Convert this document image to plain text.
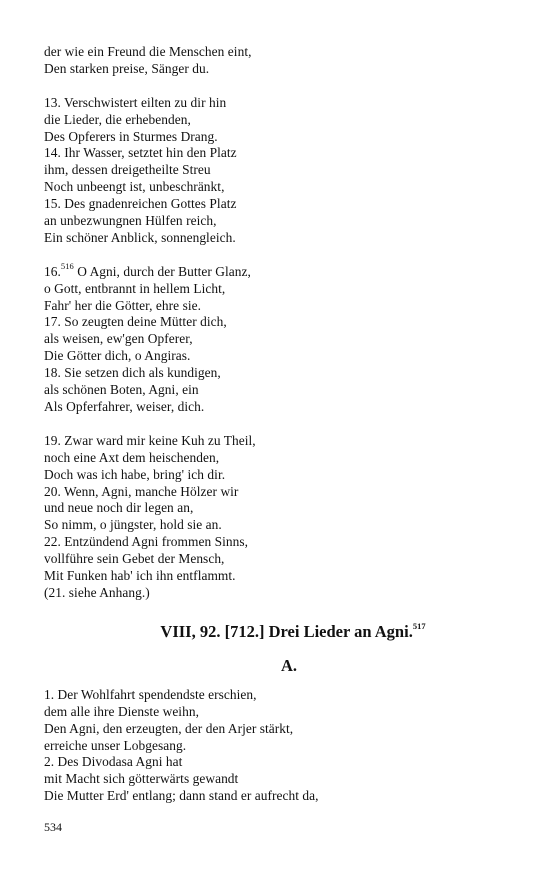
der wie ein Freund die Menschen eint,
Den starken preise, Sänger du.
13. Verschwistert eilten zu dir hin
die Lieder, die erhebenden,
Des Opferers in Sturmes Drang.
14. Ihr Wasser, setztet hin den Platz
ihm, dessen dreigetheilte Streu
Noch unbeengt ist, unbeschränkt,
15. Des gnadenreichen Gottes Platz
an unbezwungnen Hülfen reich,
Ein schöner Anblick, sonnengleich.
16.$^{516}$ O Agni, durch der Butter Glanz,
o Gott, entbrannt in hellem Licht,
Fahr' her die Götter, ehre sie.
17. So zeugten deine Mütter dich,
als weisen, ew'gen Opferer,
Die Götter dich, o Angiras.
18. Sie setzen dich als kundigen,
als schönen Boten, Agni, ein
Als Opferfahrer, weiser, dich.
19. Zwar ward mir keine Kuh zu Theil,
noch eine Axt dem heischenden,
Doch was ich habe, bring' ich dir.
20. Wenn, Agni, manche Hölzer wir
und neue noch dir legen an,
So nimm, o jüngster, hold sie an.
22. Entzündend Agni frommen Sinns,
vollführe sein Gebet der Mensch,
Mit Funken hab' ich ihn entflammt.
(21. siehe Anhang.)
VIII, 92. [712.] Drei Lieder an Agni.$^{517}$
A.
1. Der Wohlfahrt spendendste erschien,
dem alle ihre Dienste weihn,
Den Agni, den erzeugten, der den Arjer stärkt,
erreiche unser Lobgesang.
2. Des Divodasa Agni hat
mit Macht sich götterwärts gewandt
Die Mutter Erd' entlang; dann stand er aufrecht da,
534
